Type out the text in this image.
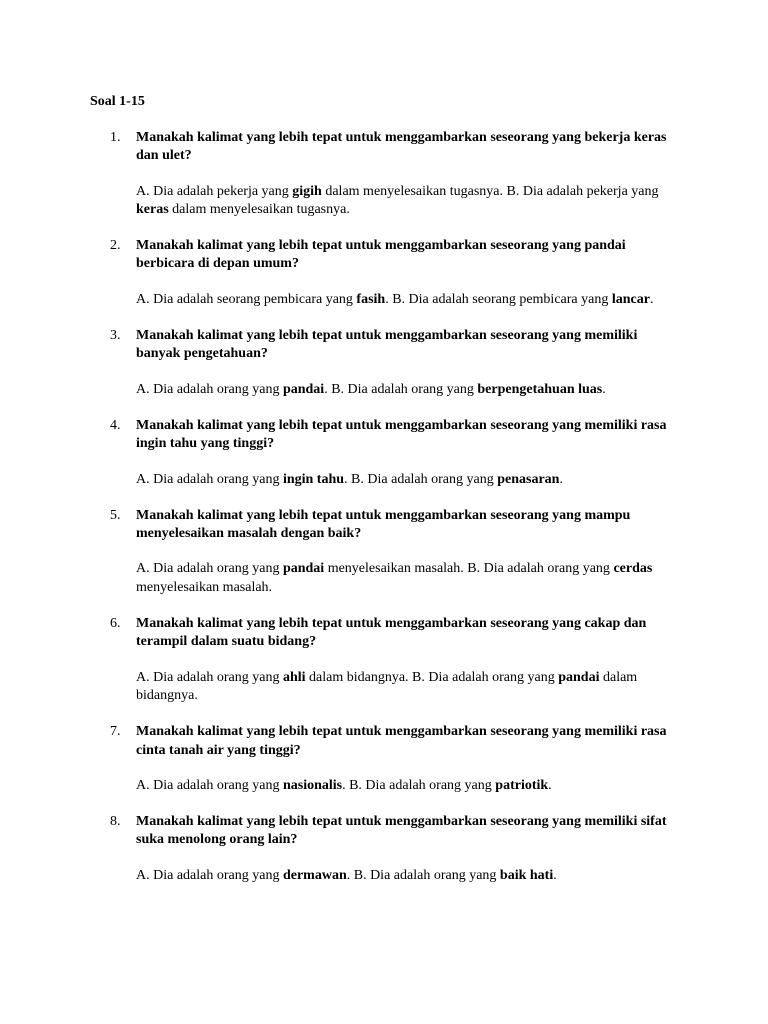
Soal 1-15
1.	Manakah kalimat yang lebih tepat untuk menggambarkan seseorang yang bekerja keras dan ulet?
A. Dia adalah pekerja yang gigih dalam menyelesaikan tugasnya. B. Dia adalah pekerja yang keras dalam menyelesaikan tugasnya.
2.	Manakah kalimat yang lebih tepat untuk menggambarkan seseorang yang pandai berbicara di depan umum?
A. Dia adalah seorang pembicara yang fasih. B. Dia adalah seorang pembicara yang lancar.
3.	Manakah kalimat yang lebih tepat untuk menggambarkan seseorang yang memiliki banyak pengetahuan?
A. Dia adalah orang yang pandai. B. Dia adalah orang yang berpengetahuan luas.
4.	Manakah kalimat yang lebih tepat untuk menggambarkan seseorang yang memiliki rasa ingin tahu yang tinggi?
A. Dia adalah orang yang ingin tahu. B. Dia adalah orang yang penasaran.
5.	Manakah kalimat yang lebih tepat untuk menggambarkan seseorang yang mampu menyelesaikan masalah dengan baik?
A. Dia adalah orang yang pandai menyelesaikan masalah. B. Dia adalah orang yang cerdas menyelesaikan masalah.
6.	Manakah kalimat yang lebih tepat untuk menggambarkan seseorang yang cakap dan terampil dalam suatu bidang?
A. Dia adalah orang yang ahli dalam bidangnya. B. Dia adalah orang yang pandai dalam bidangnya.
7.	Manakah kalimat yang lebih tepat untuk menggambarkan seseorang yang memiliki rasa cinta tanah air yang tinggi?
A. Dia adalah orang yang nasionalis. B. Dia adalah orang yang patriotik.
8.	Manakah kalimat yang lebih tepat untuk menggambarkan seseorang yang memiliki sifat suka menolong orang lain?
A. Dia adalah orang yang dermawan. B. Dia adalah orang yang baik hati.
